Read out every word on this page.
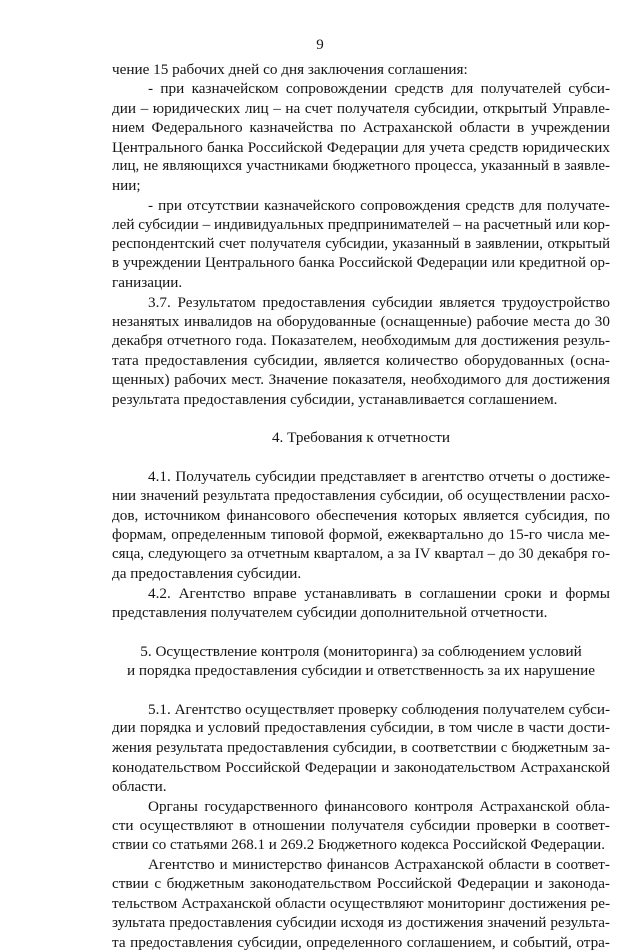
9
чение 15 рабочих дней со дня заключения соглашения:
- при казначейском сопровождении средств для получателей субси-
дии – юридических лиц – на счет получателя субсидии, открытый Управле-
нием Федерального казначейства по Астраханской области в учреждении
Центрального банка Российской Федерации для учета средств юридических
лиц, не являющихся участниками бюджетного процесса, указанный в заявле-
нии;
- при отсутствии казначейского сопровождения средств для получате-
лей субсидии – индивидуальных предпринимателей – на расчетный или кор-
респондентский счет получателя субсидии, указанный в заявлении, открытый
в учреждении Центрального банка Российской Федерации или кредитной ор-
ганизации.
3.7. Результатом предоставления субсидии является трудоустройство
незанятых инвалидов на оборудованные (оснащенные) рабочие места до 30
декабря отчетного года. Показателем, необходимым для достижения резуль-
тата предоставления субсидии, является количество оборудованных (осна-
щенных) рабочих мест. Значение показателя, необходимого для достижения
результата предоставления субсидии, устанавливается соглашением.
4. Требования к отчетности
4.1. Получатель субсидии представляет в агентство отчеты о достиже-
нии значений результата предоставления субсидии, об осуществлении расхо-
дов, источником финансового обеспечения которых является субсидия, по
формам, определенным типовой формой, ежеквартально до 15-го числа ме-
сяца, следующего за отчетным кварталом, а за IV квартал – до 30 декабря го-
да предоставления субсидии.
4.2. Агентство вправе устанавливать в соглашении сроки и формы
представления получателем субсидии дополнительной отчетности.
5. Осуществление контроля (мониторинга) за соблюдением условий
и порядка предоставления субсидии и ответственность за их нарушение
5.1. Агентство осуществляет проверку соблюдения получателем субси-
дии порядка и условий предоставления субсидии, в том числе в части дости-
жения результата предоставления субсидии, в соответствии с бюджетным за-
конодательством Российской Федерации и законодательством Астраханской
области.
Органы государственного финансового контроля Астраханской обла-
сти осуществляют в отношении получателя субсидии проверки в соответ-
ствии со статьями 268.1 и 269.2 Бюджетного кодекса Российской Федерации.
Агентство и министерство финансов Астраханской области в соответ-
ствии с бюджетным законодательством Российской Федерации и законода-
тельством Астраханской области осуществляют мониторинг достижения ре-
зультата предоставления субсидии исходя из достижения значений результа-
та предоставления субсидии, определенного соглашением, и событий, отра-
